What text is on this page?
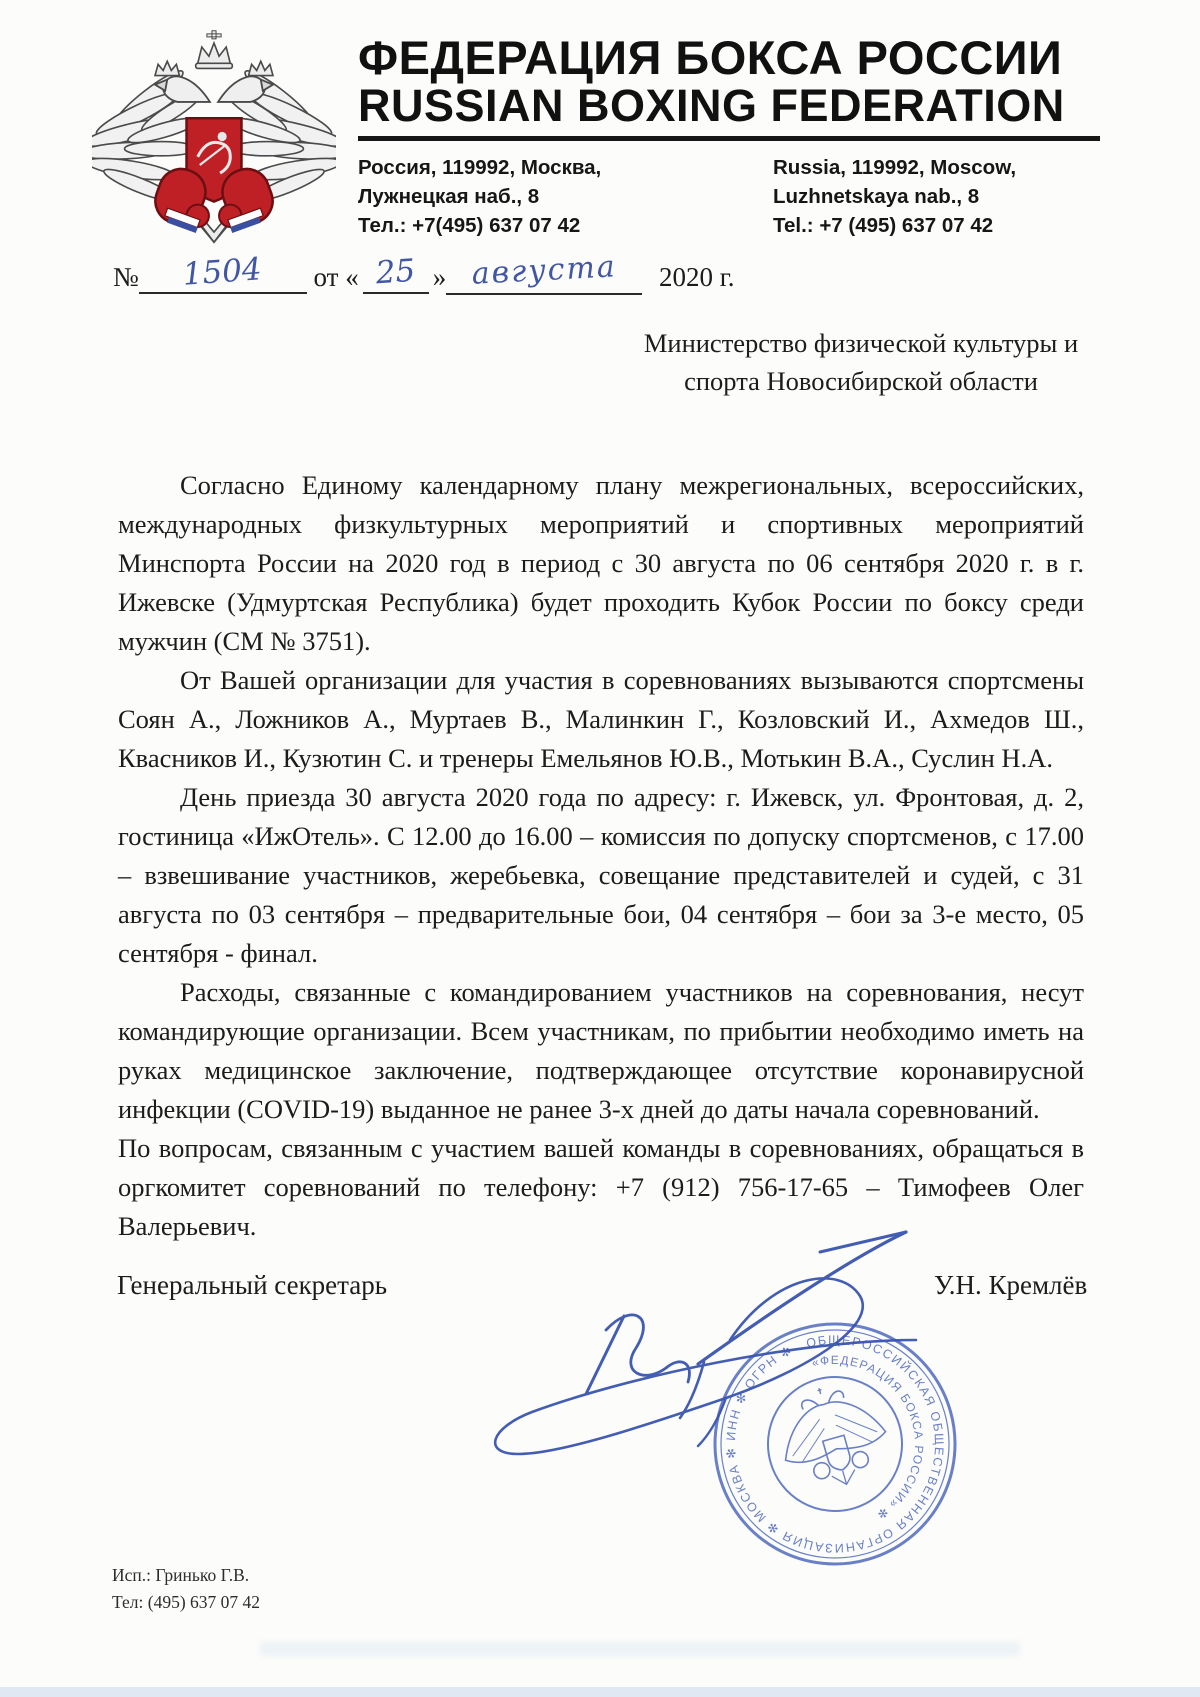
ФЕДЕРАЦИЯ БОКСА РОССИИ
RUSSIAN BOXING FEDERATION
Россия, 119992, Москва,
Лужнецкая наб., 8
Тел.: +7(495) 637 07 42
Russia, 119992, Moscow,
Luzhnetskaya nab., 8
Tel.: +7 (495) 637 07 42
№ 1504 от « 25 » августа 2020 г.
Министерство физической культуры и
спорта Новосибирской области

Согласно Единому календарному плану межрегиональных, всероссийских, международных физкультурных мероприятий и спортивных мероприятий Минспорта России на 2020 год в период с 30 августа по 06 сентября 2020 г. в г. Ижевске (Удмуртская Республика) будет проходить Кубок России по боксу среди мужчин (СМ № 3751).

От Вашей организации для участия в соревнованиях вызываются спортсмены Соян А., Ложников А., Муртаев В., Малинкин Г., Козловский И., Ахмедов Ш., Квасников И., Кузютин С. и тренеры Емельянов Ю.В., Мотькин В.А., Суслин Н.А.

День приезда 30 августа 2020 года по адресу: г. Ижевск, ул. Фронтовая, д. 2, гостиница «ИжОтель». С 12.00 до 16.00 – комиссия по допуску спортсменов, с 17.00 – взвешивание участников, жеребьевка, совещание представителей и судей, с 31 августа по 03 сентября – предварительные бои, 04 сентября – бои за 3-е место, 05 сентября - финал.

Расходы, связанные с командированием участников на соревнования, несут командирующие организации. Всем участникам, по прибытии необходимо иметь на руках медицинское заключение, подтверждающее отсутствие коронавирусной инфекции (COVID-19) выданное не ранее 3-х дней до даты начала соревнований.

По вопросам, связанным с участием вашей команды в соревнованиях, обращаться в оргкомитет соревнований по телефону: +7 (912) 756-17-65 – Тимофеев Олег Валерьевич.

Генеральный секретарь	У.Н. Кремлёв
ОБЩЕРОССИЙСКАЯ ОБЩЕСТВЕННАЯ ОРГАНИЗАЦИЯ ✻ МОСКВА ✻ ИНН ✻ ОГРН ✻
«ФЕДЕРАЦИЯ БОКСА РОССИИ» ✻
Исп.: Гринько Г.В.
Тел: (495) 637 07 42
